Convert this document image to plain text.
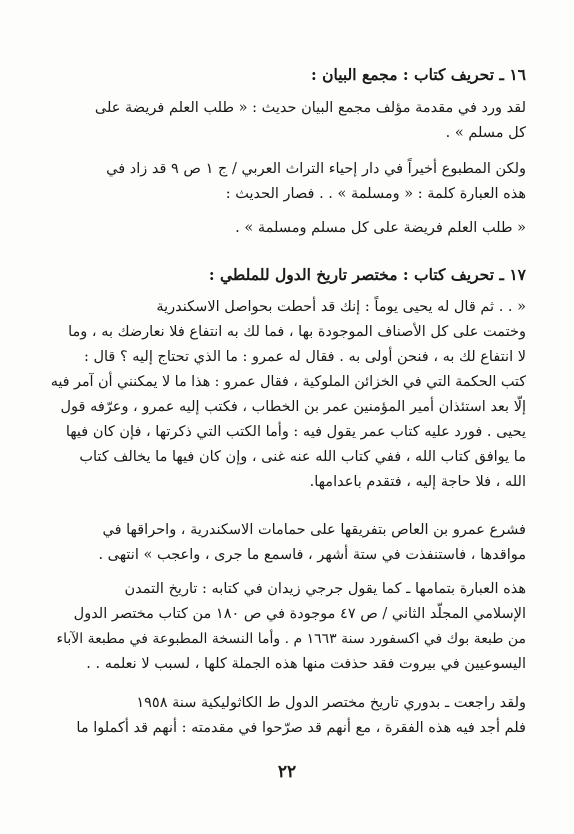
١٦ ـ تحريف كتاب : مجمع البيان :
لقد ورد في مقدمة مؤلف مجمع البيان حديث : « طلب العلم فريضة على
كل مسلم » .
ولكن المطبوع أخيراً في دار إحياء التراث العربي / ج ١ ص ٩ قد زاد في
هذه العبارة كلمة : « ومسلمة » . . فصار الحديث :
« طلب العلم فريضة على كل مسلم ومسلمة » .
١٧ ـ تحريف كتاب : مختصر تاريخ الدول للملطي :
« . . ثم قال له يحيى يوماً : إنك قد أحطت بحواصل الاسكندرية
وختمت على كل الأصناف الموجودة بها ، فما لك به انتفاع فلا نعارضك به ، وما
لا انتفاع لك به ، فنحن أولى به . فقال له عمرو : ما الذي تحتاج إليه ؟ قال :
كتب الحكمة التي في الخزائن الملوكية ، فقال عمرو : هذا ما لا يمكنني أن آمر فيه
إلّا بعد استئذان أمير المؤمنين عمر بن الخطاب ، فكتب إليه عمرو ، وعرّفه قول
يحيى . فورد عليه كتاب عمر يقول فيه : وأما الكتب التي ذكرتها ، فإن كان فيها
ما يوافق كتاب الله ، ففي كتاب الله عنه غنى ، وإن كان فيها ما يخالف كتاب
الله ، فلا حاجة إليه ، فتقدم باعدامها.
فشرع عمرو بن العاص بتفريقها على حمامات الاسكندرية ، واحراقها في
مواقدها ، فاستنفذت في ستة أشهر ، فاسمع ما جرى ، واعجب » انتهى .
هذه العبارة بتمامها ـ كما يقول جرجي زيدان في كتابه : تاريخ التمدن
الإسلامي المجلّد الثاني / ص ٤٧ موجودة في ص ١٨٠ من كتاب مختصر الدول
من طبعة بوك في اكسفورد سنة ١٦٦٣ م . وأما النسخة المطبوعة في مطبعة الآباء
اليسوعيين في بيروت فقد حذفت منها هذه الجملة كلها ، لسبب لا نعلمه . .
ولقد راجعت ـ بدوري تاريخ مختصر الدول ط الكاثوليكية سنة ١٩٥٨
فلم أجد فيه هذه الفقرة ، مع أنهم قد صرّحوا في مقدمته : أنهم قد أكملوا ما
٢٢
